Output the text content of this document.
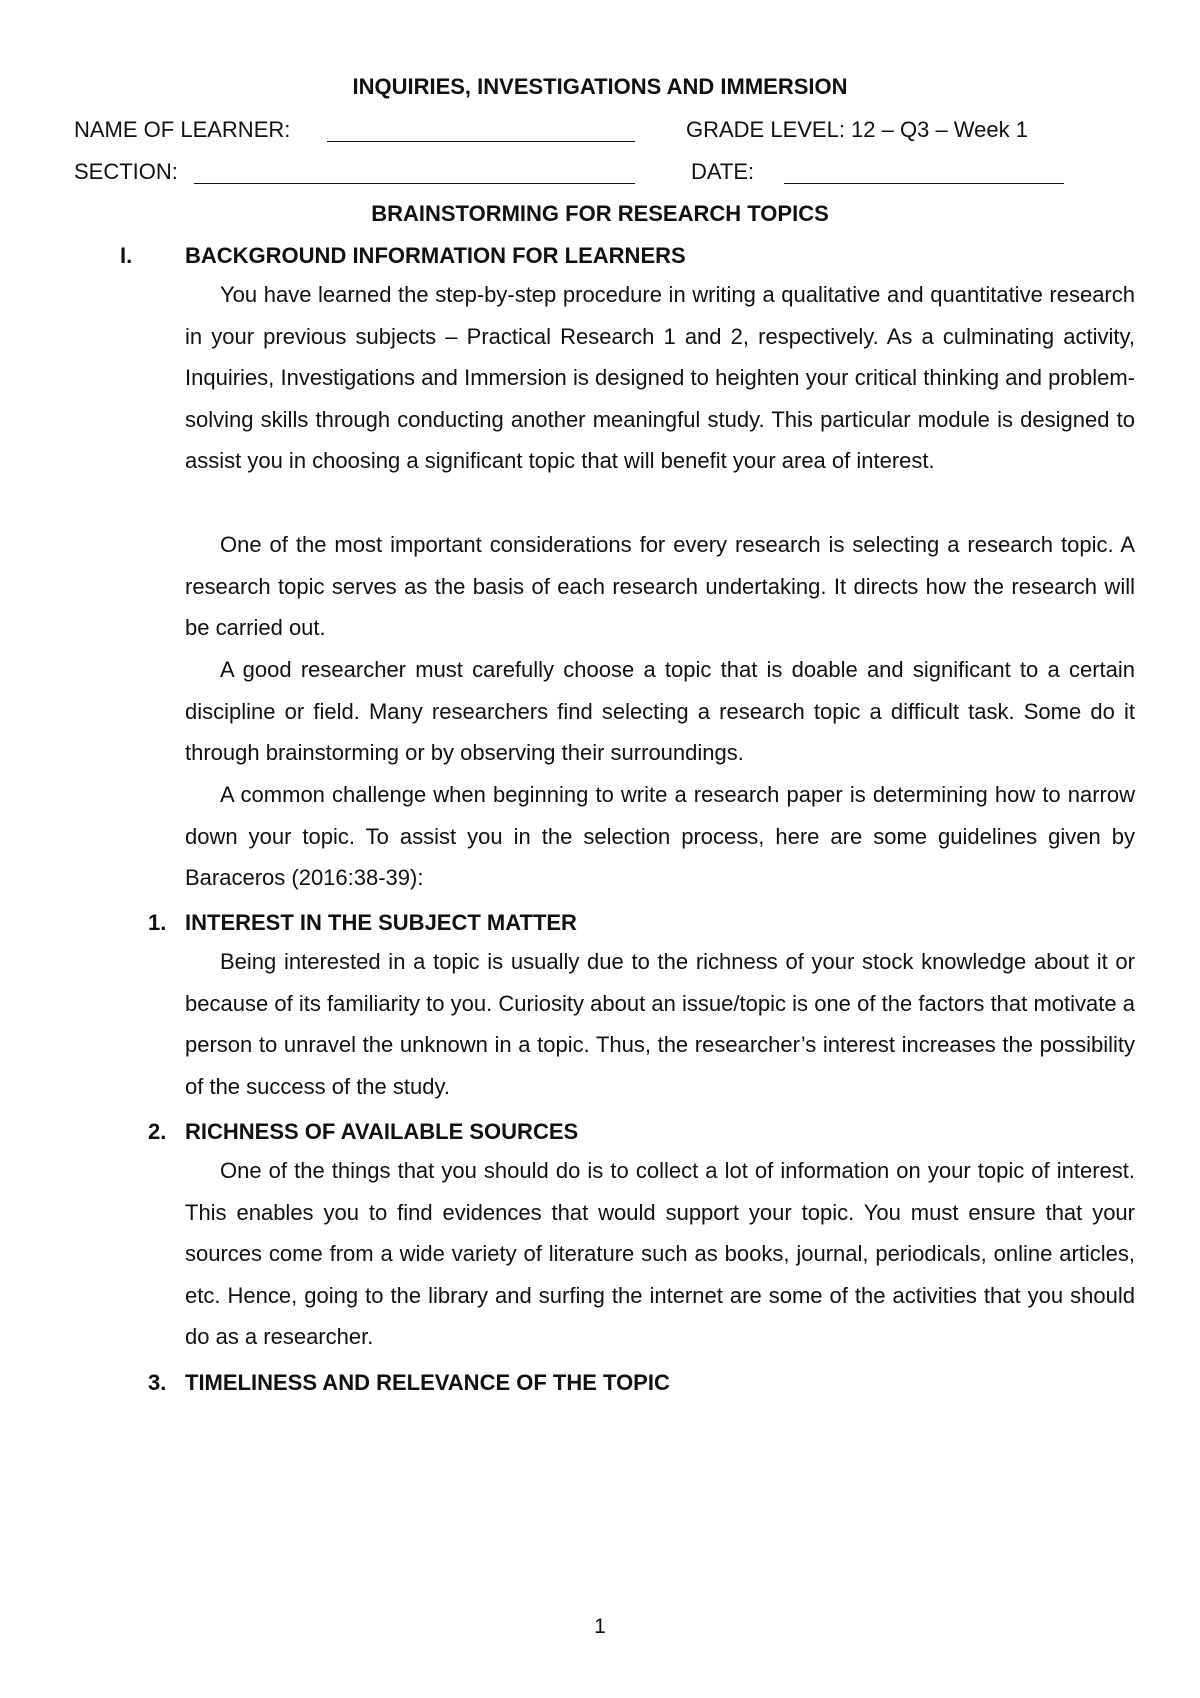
INQUIRIES, INVESTIGATIONS AND IMMERSION
NAME OF LEARNER:	GRADE LEVEL: 12 – Q3 – Week 1
SECTION:	DATE:
BRAINSTORMING FOR RESEARCH TOPICS
I. BACKGROUND INFORMATION FOR LEARNERS

You have learned the step-by-step procedure in writing a qualitative and quantitative research in your previous subjects – Practical Research 1 and 2, respectively. As a culminating activity, Inquiries, Investigations and Immersion is designed to heighten your critical thinking and problem-solving skills through conducting another meaningful study. This particular module is designed to assist you in choosing a significant topic that will benefit your area of interest.

One of the most important considerations for every research is selecting a research topic. A research topic serves as the basis of each research undertaking. It directs how the research will be carried out.

A good researcher must carefully choose a topic that is doable and significant to a certain discipline or field. Many researchers find selecting a research topic a difficult task. Some do it through brainstorming or by observing their surroundings.

A common challenge when beginning to write a research paper is determining how to narrow down your topic. To assist you in the selection process, here are some guidelines given by Baraceros (2016:38-39):

1. INTEREST IN THE SUBJECT MATTER

Being interested in a topic is usually due to the richness of your stock knowledge about it or because of its familiarity to you. Curiosity about an issue/topic is one of the factors that motivate a person to unravel the unknown in a topic. Thus, the researcher’s interest increases the possibility of the success of the study.

2. RICHNESS OF AVAILABLE SOURCES

One of the things that you should do is to collect a lot of information on your topic of interest. This enables you to find evidences that would support your topic. You must ensure that your sources come from a wide variety of literature such as books, journal, periodicals, online articles, etc. Hence, going to the library and surfing the internet are some of the activities that you should do as a researcher.

3. TIMELINESS AND RELEVANCE OF THE TOPIC
1
